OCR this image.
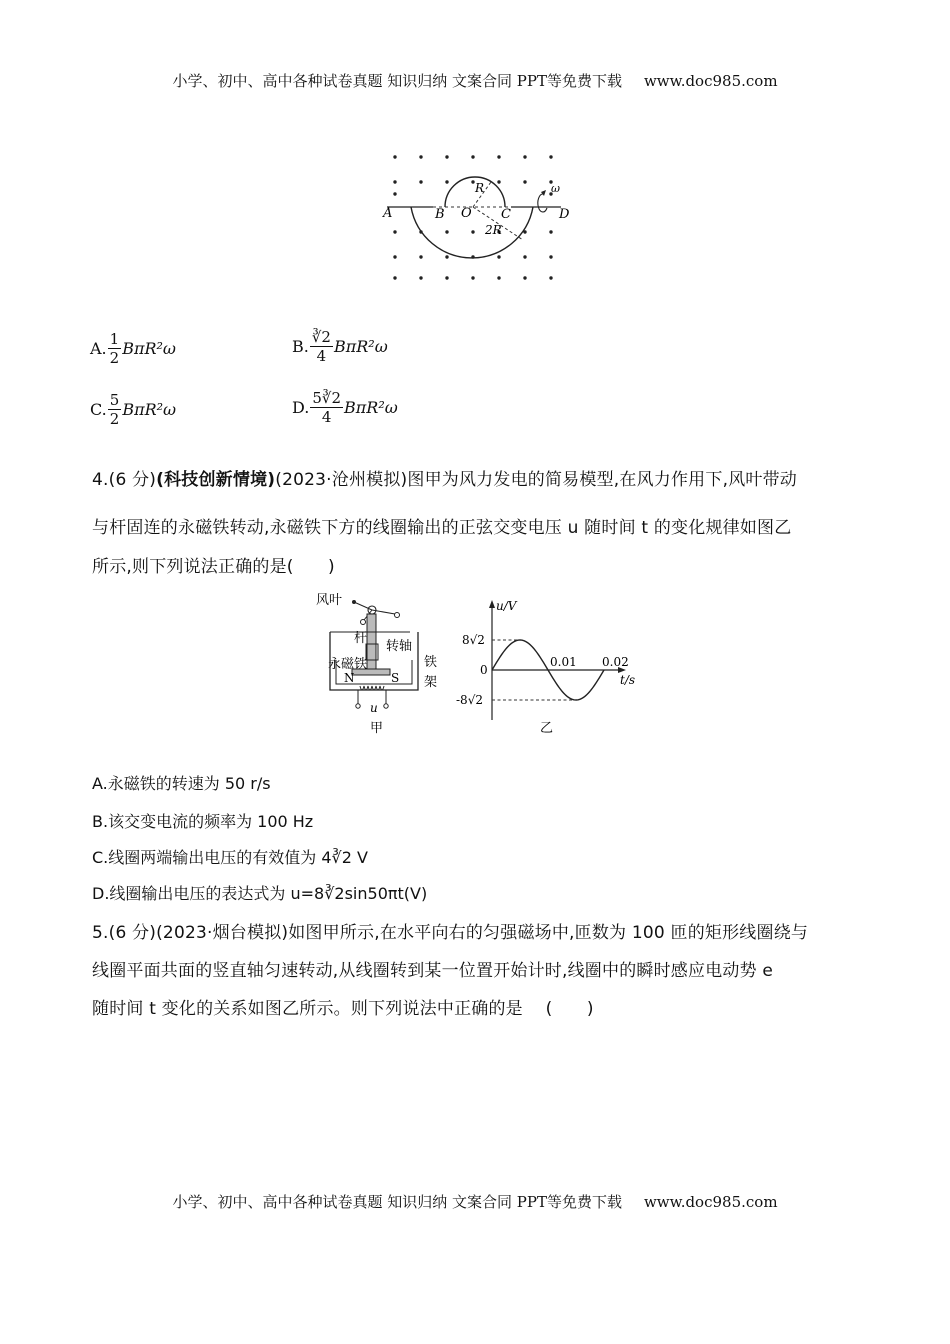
小学、初中、高中各种试卷真题 知识归纳 文案合同 PPT等免费下载 www.doc985.com
A	B O C	D
R
2R
ω
A. $\frac{1}{2} B\pi R^2\omega$	B. $\frac{∛2}{4} B\pi R^2\omega$
C. $\frac{5}{2} B\pi R^2\omega$	D. $\frac{5∛2}{4} B\pi R^2\omega$
4.(6 分)(科技创新情境)(2023·沧州模拟)图甲为风力发电的简易模型,在风力作用下,风叶带动
与杆固连的永磁铁转动,永磁铁下方的线圈输出的正弦交变电压 u 随时间 t 的变化规律如图乙
所示,则下列说法正确的是(　　)
风叶
杆
转轴
永磁铁	铁
架
N	S
u
甲
u/V
8√2
0
-8√2
0.01 0.02
t/s
乙
A.永磁铁的转速为 50 r/s
B.该交变电流的频率为 100 Hz
C.线圈两端输出电压的有效值为 4∛2 V
D.线圈输出电压的表达式为 u=8∛2sin50πt(V)
5.(6 分)(2023·烟台模拟)如图甲所示,在水平向右的匀强磁场中,匝数为 100 匝的矩形线圈绕与
线圈平面共面的竖直轴匀速转动,从线圈转到某一位置开始计时,线圈中的瞬时感应电动势 e
随时间 t 变化的关系如图乙所示。则下列说法中正确的是　 (　　)
小学、初中、高中各种试卷真题 知识归纳 文案合同 PPT等免费下载 www.doc985.com
